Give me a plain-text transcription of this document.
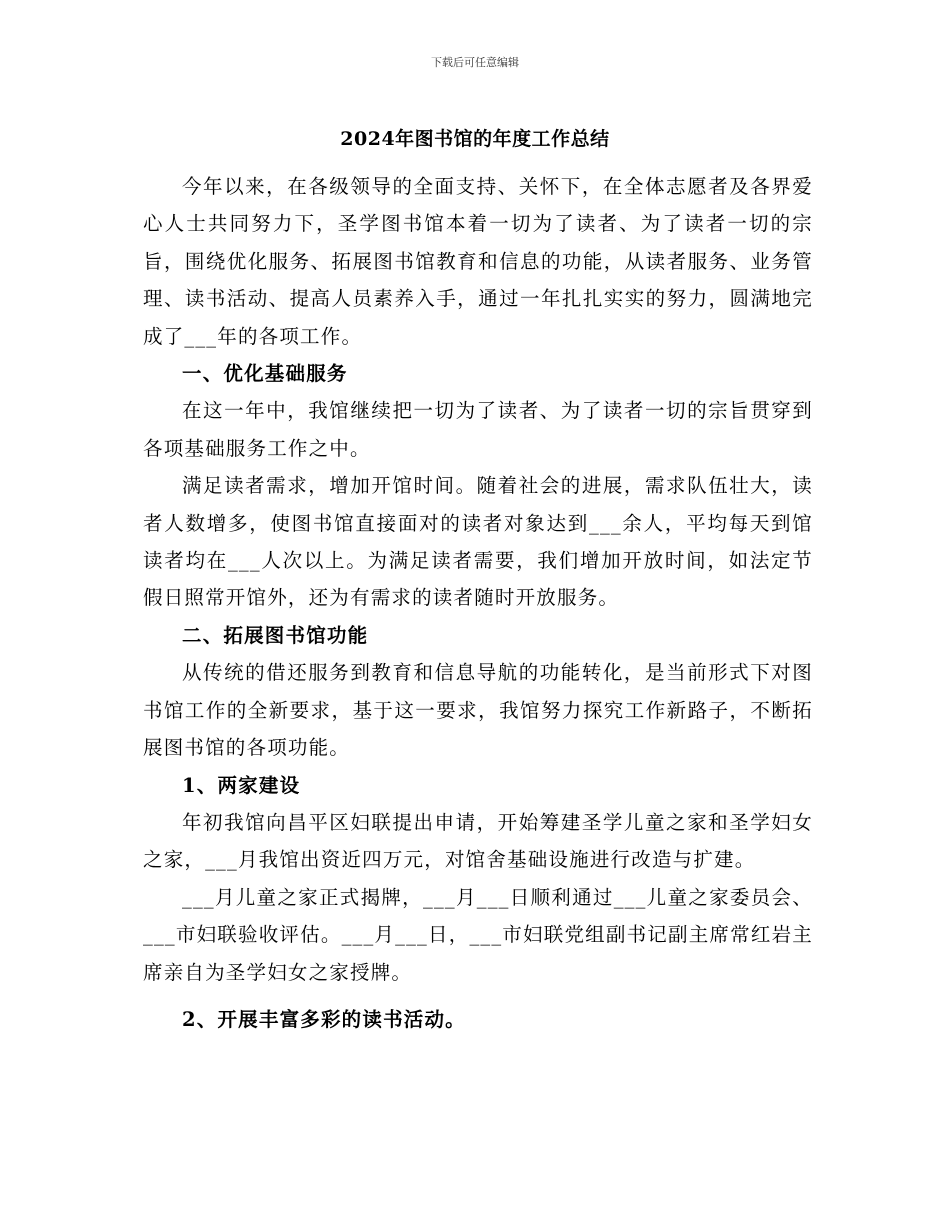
下载后可任意编辑
2024年图书馆的年度工作总结

今年以来，在各级领导的全面支持、关怀下，在全体志愿者及各界爱心人士共同努力下，圣学图书馆本着一切为了读者、为了读者一切的宗旨，围绕优化服务、拓展图书馆教育和信息的功能，从读者服务、业务管理、读书活动、提高人员素养入手，通过一年扎扎实实的努力，圆满地完成了___年的各项工作。

一、优化基础服务

在这一年中，我馆继续把一切为了读者、为了读者一切的宗旨贯穿到各项基础服务工作之中。

满足读者需求，增加开馆时间。随着社会的进展，需求队伍壮大，读者人数增多，使图书馆直接面对的读者对象达到___余人，平均每天到馆读者均在___人次以上。为满足读者需要，我们增加开放时间，如法定节假日照常开馆外，还为有需求的读者随时开放服务。

二、拓展图书馆功能

从传统的借还服务到教育和信息导航的功能转化，是当前形式下对图书馆工作的全新要求，基于这一要求，我馆努力探究工作新路子，不断拓展图书馆的各项功能。

1、两家建设

年初我馆向昌平区妇联提出申请，开始筹建圣学儿童之家和圣学妇女之家，___月我馆出资近四万元，对馆舍基础设施进行改造与扩建。

___月儿童之家正式揭牌，___月___日顺利通过___儿童之家委员会、___市妇联验收评估。___月___日，___市妇联党组副书记副主席常红岩主席亲自为圣学妇女之家授牌。

2、开展丰富多彩的读书活动。
